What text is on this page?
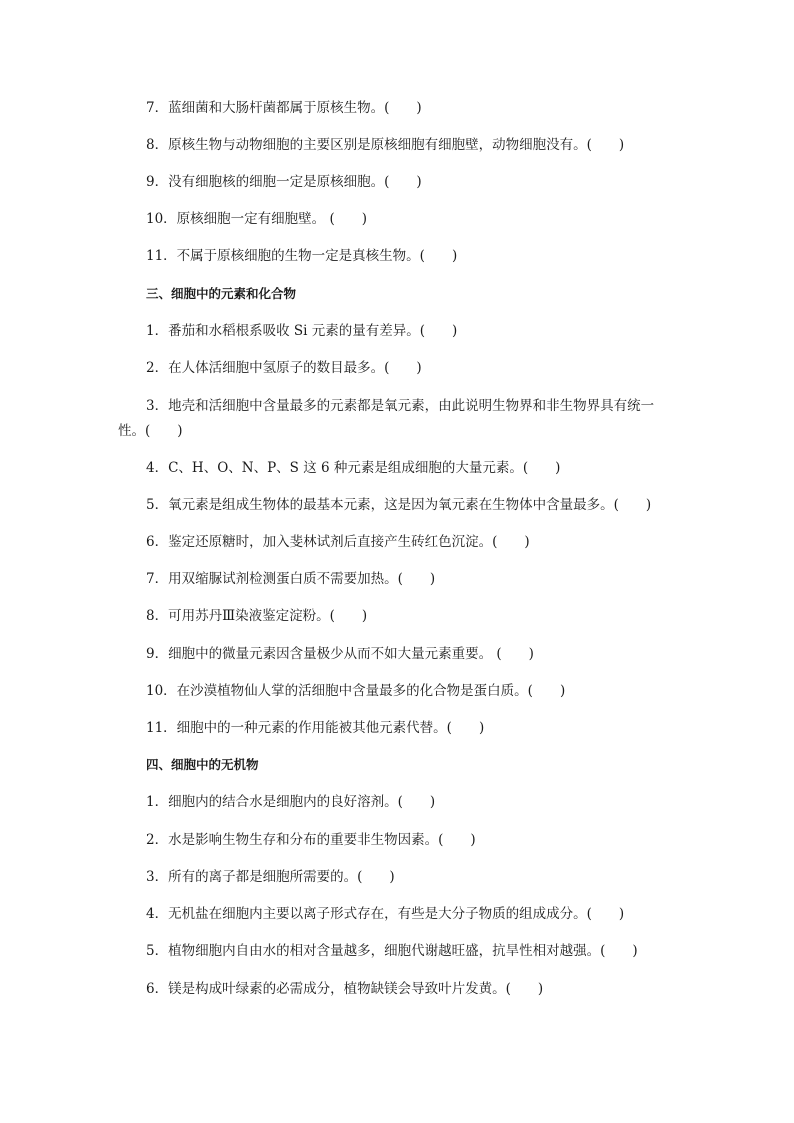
7．蓝细菌和大肠杆菌都属于原核生物。(　　)
8．原核生物与动物细胞的主要区别是原核细胞有细胞壁，动物细胞没有。(　　)
9．没有细胞核的细胞一定是原核细胞。(　　)
10．原核细胞一定有细胞壁。 (　　)
11．不属于原核细胞的生物一定是真核生物。(　　)
三、细胞中的元素和化合物
1．番茄和水稻根系吸收 Si 元素的量有差异。(　　)
2．在人体活细胞中氢原子的数目最多。(　　)
3．地壳和活细胞中含量最多的元素都是氧元素，由此说明生物界和非生物界具有统一
性。(　　)
4．C、H、O、N、P、S 这 6 种元素是组成细胞的大量元素。(　　)
5．氧元素是组成生物体的最基本元素，这是因为氧元素在生物体中含量最多。(　　)
6．鉴定还原糖时，加入斐林试剂后直接产生砖红色沉淀。(　　)
7．用双缩脲试剂检测蛋白质不需要加热。(　　)
8．可用苏丹Ⅲ染液鉴定淀粉。(　　)
9．细胞中的微量元素因含量极少从而不如大量元素重要。 (　　)
10．在沙漠植物仙人掌的活细胞中含量最多的化合物是蛋白质。(　　)
11．细胞中的一种元素的作用能被其他元素代替。(　　)
四、细胞中的无机物
1．细胞内的结合水是细胞内的良好溶剂。(　　)
2．水是影响生物生存和分布的重要非生物因素。(　　)
3．所有的离子都是细胞所需要的。(　　)
4．无机盐在细胞内主要以离子形式存在，有些是大分子物质的组成成分。(　　)
5．植物细胞内自由水的相对含量越多，细胞代谢越旺盛，抗旱性相对越强。(　　)
6．镁是构成叶绿素的必需成分，植物缺镁会导致叶片发黄。(　　)
